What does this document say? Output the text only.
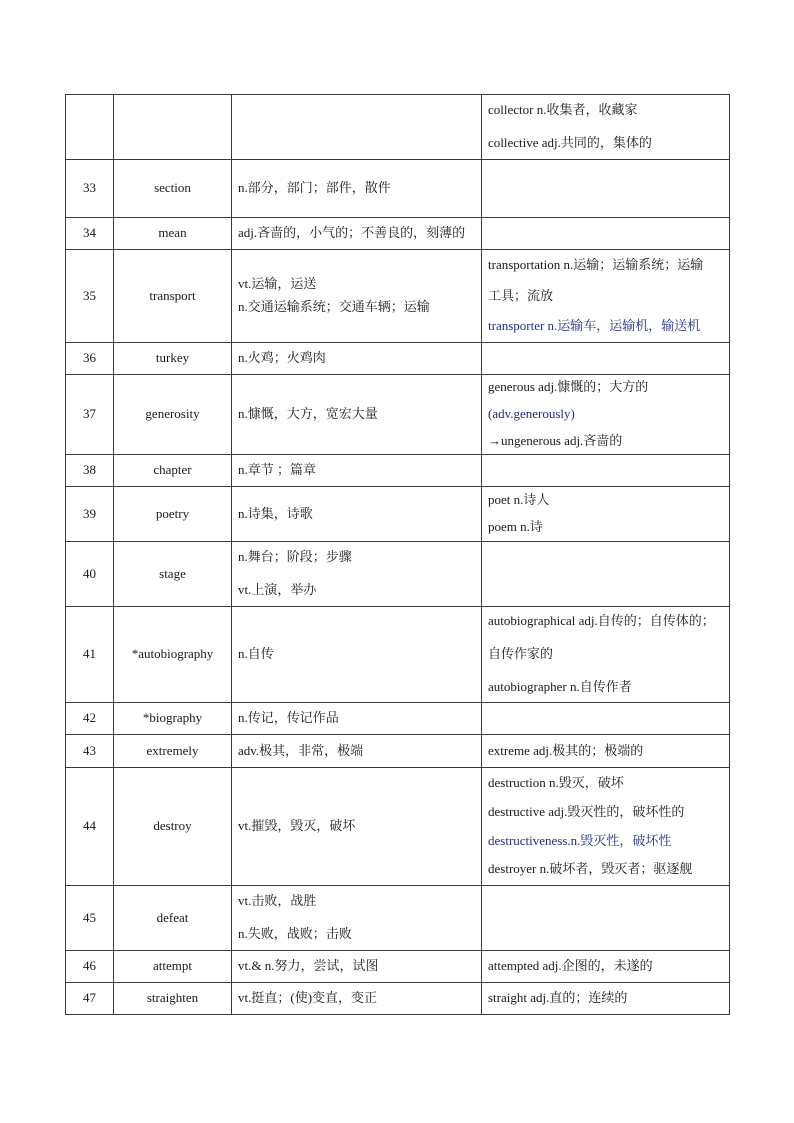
			collector n.收集者，收藏家
collective adj.共同的，集体的

33	section	n.部分，部门；部件，散件	

34	mean	adj.吝啬的，小气的；不善良的，刻薄的	

35	transport	vt.运输，运送
n.交通运输系统；交通车辆；运输	transportation n.运输；运输系统；运输
工具；流放
transporter n.运输车，运输机，输送机

36	turkey	n.火鸡；火鸡肉	

37	generosity	n.慷慨，大方，宽宏大量	generous adj.慷慨的；大方的
(adv.generously)
→ungenerous adj.吝啬的

38	chapter	n.章节 ；篇章	

39	poetry	n.诗集，诗歌	poet n.诗人
poem n.诗

40	stage	n.舞台；阶段；步骤
vt.上演，举办	

41	*autobiography	n.自传	autobiographical adj.自传的；自传体的；
自传作家的
autobiographer n.自传作者

42	*biography	n.传记，传记作品	

43	extremely	adv.极其，非常，极端	extreme adj.极其的；极端的

44	destroy	vt.摧毁，毁灭，破坏	destruction n.毁灭，破坏
destructive adj.毁灭性的，破坏性的
destructiveness.n.毁灭性，破坏性
destroyer n.破坏者，毁灭者；驱逐舰

45	defeat	vt.击败，战胜
n.失败，战败；击败	

46	attempt	vt.& n.努力，尝试，试图	attempted adj.企图的，未遂的

47	straighten	vt.挺直；(使)变直，变正	straight adj.直的；连续的
